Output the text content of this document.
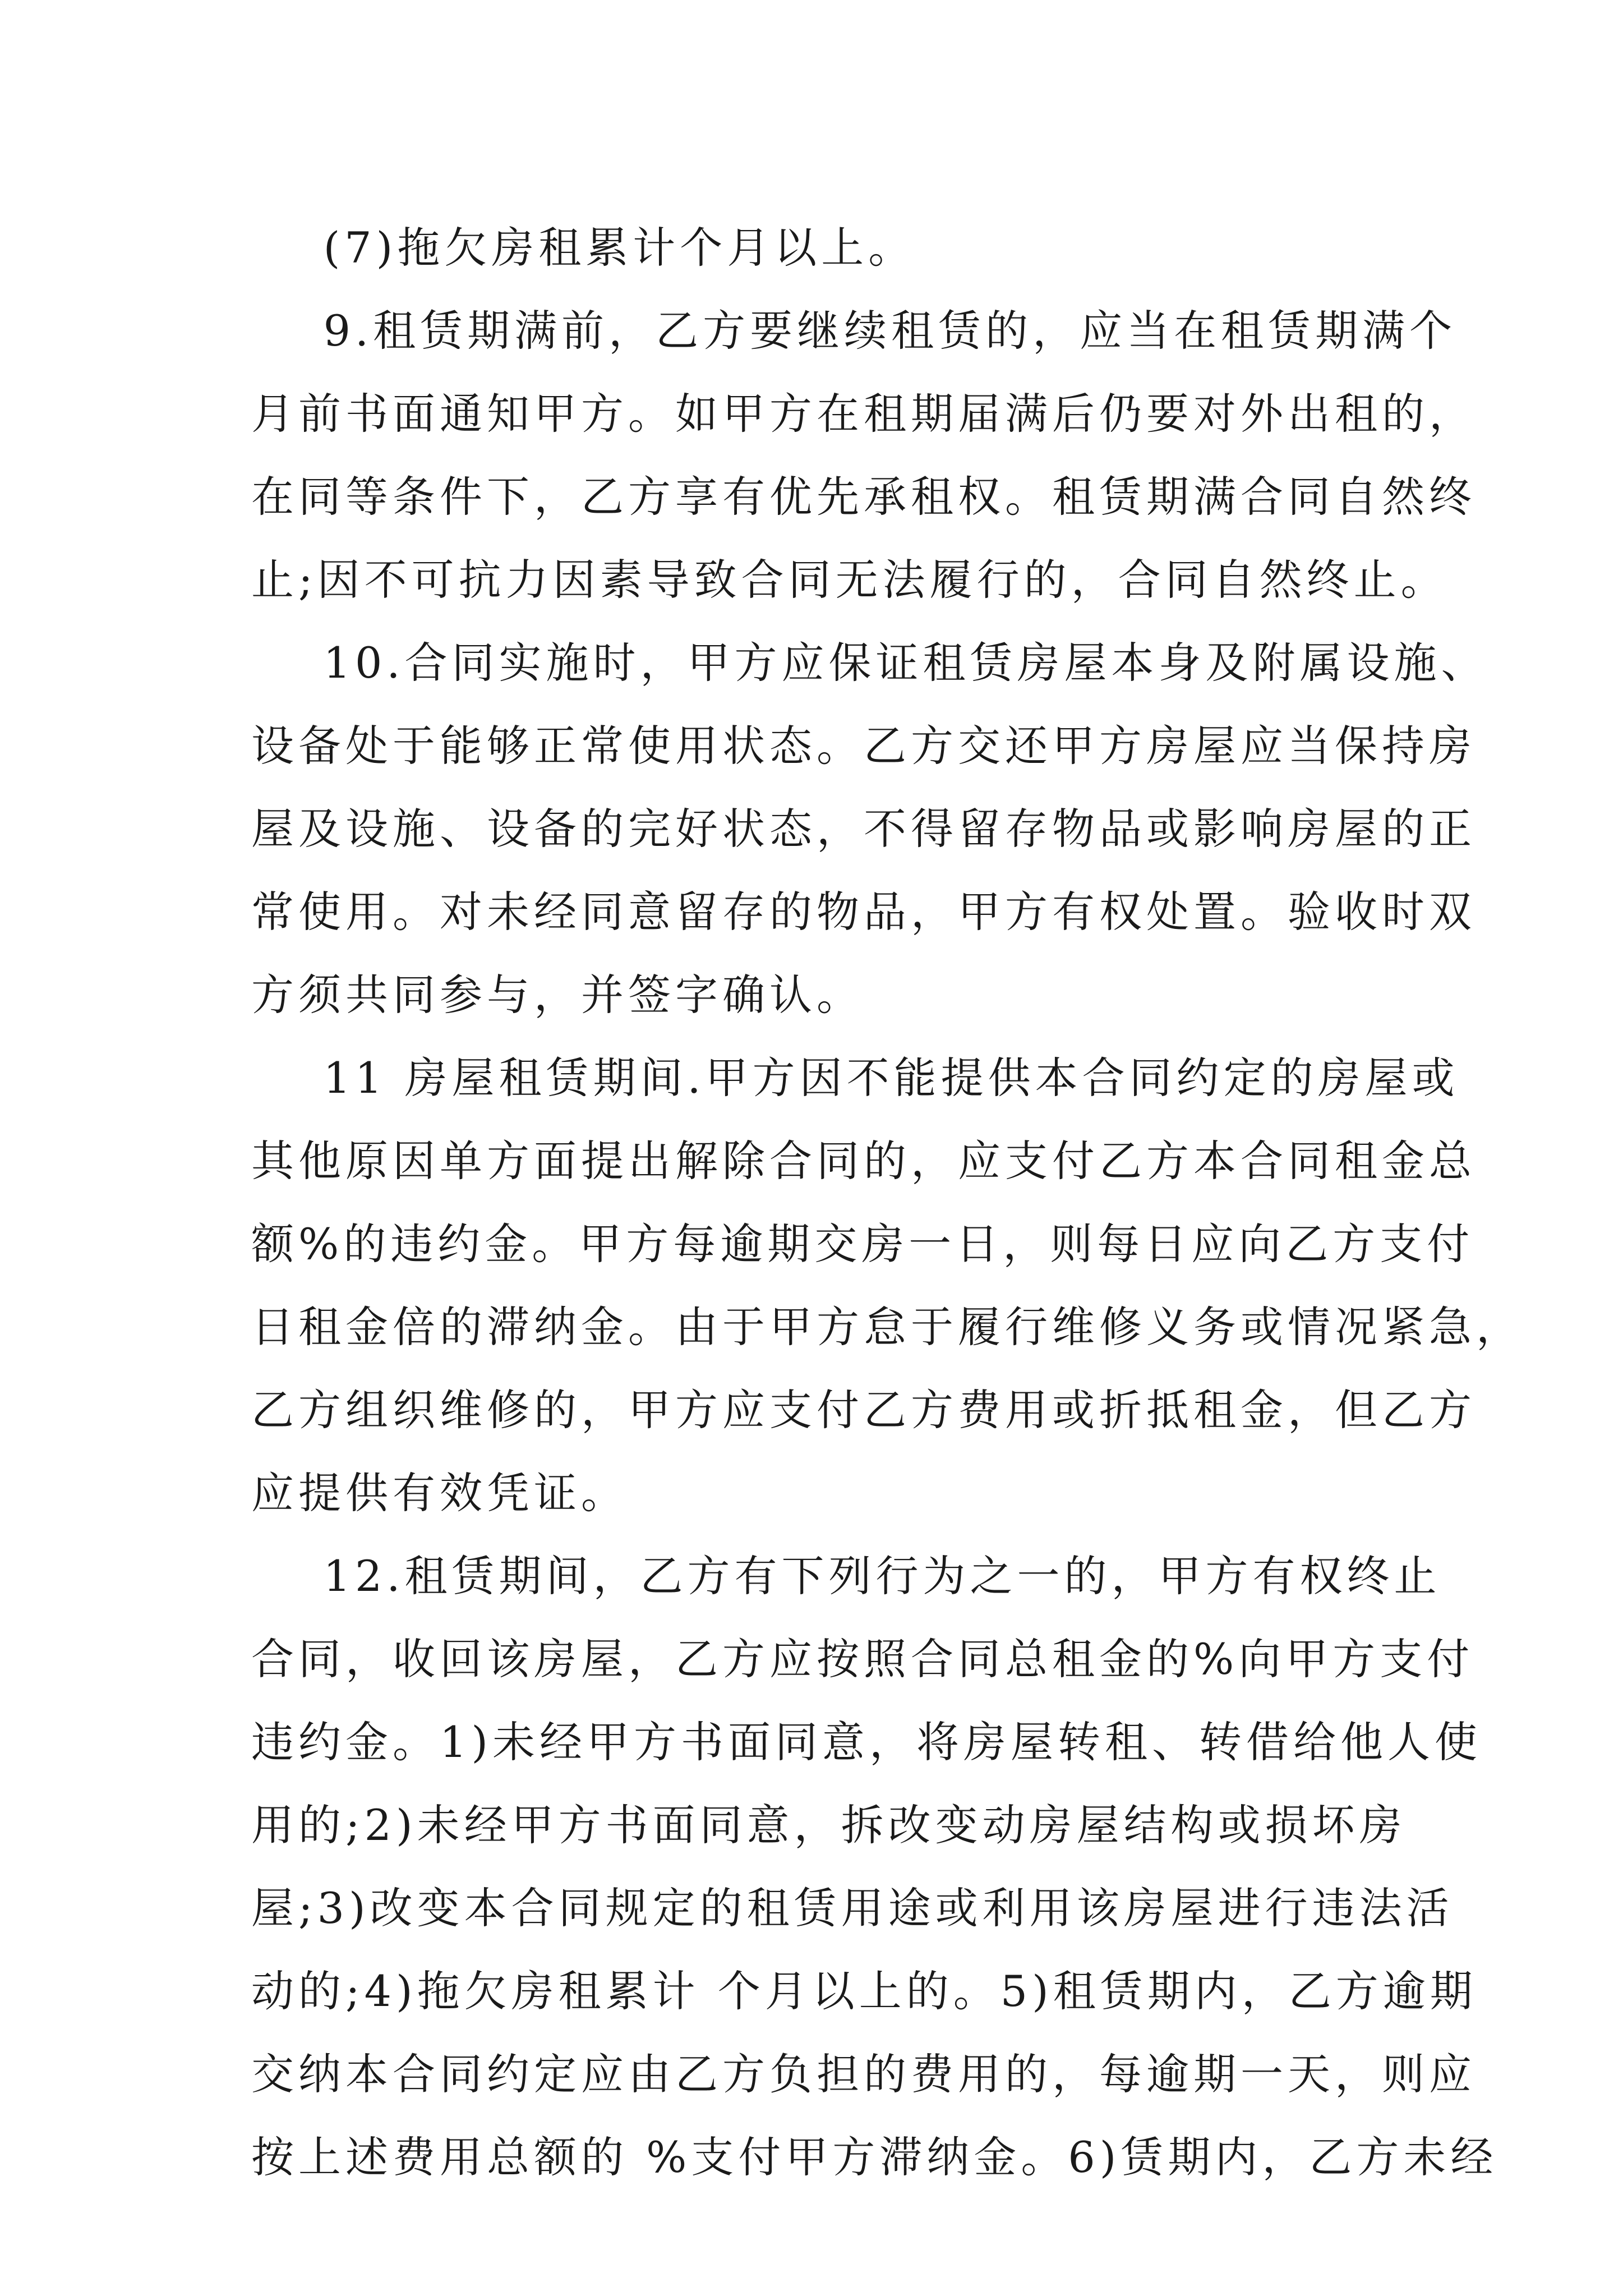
(7)拖欠房租累计个月以上。
9.租赁期满前，乙方要继续租赁的，应当在租赁期满个
月前书面通知甲方。如甲方在租期届满后仍要对外出租的，
在同等条件下，乙方享有优先承租权。租赁期满合同自然终
止;因不可抗力因素导致合同无法履行的，合同自然终止。
10.合同实施时，甲方应保证租赁房屋本身及附属设施、
设备处于能够正常使用状态。乙方交还甲方房屋应当保持房
屋及设施、设备的完好状态，不得留存物品或影响房屋的正
常使用。对未经同意留存的物品，甲方有权处置。验收时双
方须共同参与，并签字确认。
11 房屋租赁期间.甲方因不能提供本合同约定的房屋或
其他原因单方面提出解除合同的，应支付乙方本合同租金总
额%的违约金。甲方每逾期交房一日，则每日应向乙方支付
日租金倍的滞纳金。由于甲方怠于履行维修义务或情况紧急，
乙方组织维修的，甲方应支付乙方费用或折抵租金，但乙方
应提供有效凭证。
12.租赁期间，乙方有下列行为之一的，甲方有权终止
合同，收回该房屋，乙方应按照合同总租金的%向甲方支付
违约金。1)未经甲方书面同意，将房屋转租、转借给他人使
用的;2)未经甲方书面同意，拆改变动房屋结构或损坏房
屋;3)改变本合同规定的租赁用途或利用该房屋进行违法活
动的;4)拖欠房租累计 个月以上的。5)租赁期内，乙方逾期
交纳本合同约定应由乙方负担的费用的，每逾期一天，则应
按上述费用总额的 %支付甲方滞纳金。6)赁期内，乙方未经
